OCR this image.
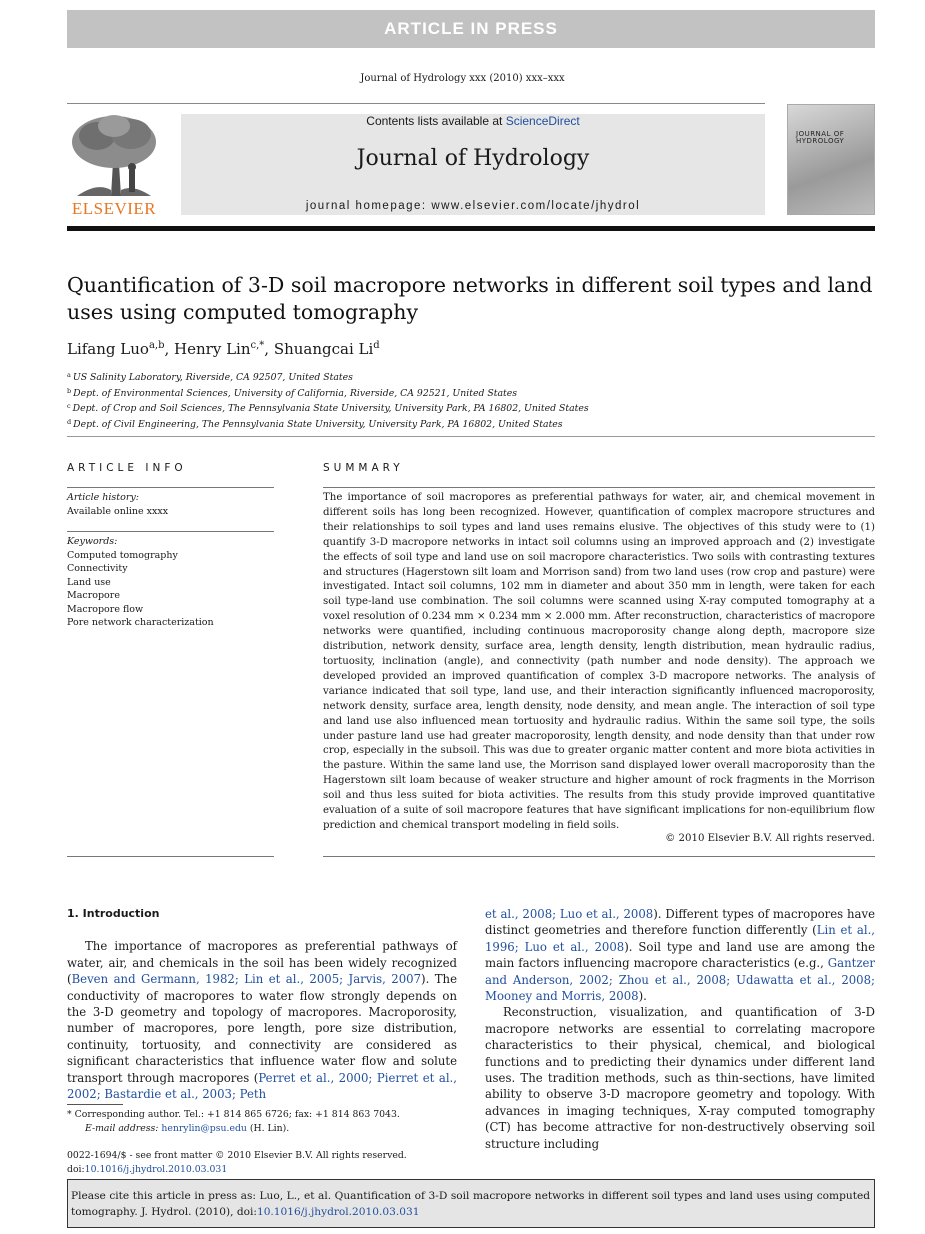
ARTICLE IN PRESS
Journal of Hydrology xxx (2010) xxx–xxx
ELSEVIER
Contents lists available at ScienceDirect
Journal of Hydrology
journal homepage: www.elsevier.com/locate/jhydrol
JOURNAL OF
HYDROLOGY
Quantification of 3-D soil macropore networks in different soil types and land uses using computed tomography
Lifang Luo$^{a,b}$, Henry Lin$^{c,*}$, Shuangcai Li$^d$
$^a$ US Salinity Laboratory, Riverside, CA 92507, United States
$^b$ Dept. of Environmental Sciences, University of California, Riverside, CA 92521, United States
$^c$ Dept. of Crop and Soil Sciences, The Pennsylvania State University, University Park, PA 16802, United States
$^d$ Dept. of Civil Engineering, The Pennsylvania State University, University Park, PA 16802, United States
ARTICLE INFO	SUMMARY
Article history:
Available online xxxx
Keywords:
Computed tomography
Connectivity
Land use
Macropore
Macropore flow
Pore network characterization
The importance of soil macropores as preferential pathways for water, air, and chemical movement in different soils has long been recognized. However, quantification of complex macropore structures and their relationships to soil types and land uses remains elusive. The objectives of this study were to (1) quantify 3-D macropore networks in intact soil columns using an improved approach and (2) investigate the effects of soil type and land use on soil macropore characteristics. Two soils with contrasting textures and structures (Hagerstown silt loam and Morrison sand) from two land uses (row crop and pasture) were investigated. Intact soil columns, 102 mm in diameter and about 350 mm in length, were taken for each soil type-land use combination. The soil columns were scanned using X-ray computed tomography at a voxel resolution of 0.234 mm × 0.234 mm × 2.000 mm. After reconstruction, characteristics of macropore networks were quantified, including continuous macroporosity change along depth, macropore size distribution, network density, surface area, length density, length distribution, mean hydraulic radius, tortuosity, inclination (angle), and connectivity (path number and node density). The approach we developed provided an improved quantification of complex 3-D macropore networks. The analysis of variance indicated that soil type, land use, and their interaction significantly influenced macroporosity, network density, surface area, length density, node density, and mean angle. The interaction of soil type and land use also influenced mean tortuosity and hydraulic radius. Within the same soil type, the soils under pasture land use had greater macroporosity, length density, and node density than that under row crop, especially in the subsoil. This was due to greater organic matter content and more biota activities in the pasture. Within the same land use, the Morrison sand displayed lower overall macroporosity than the Hagerstown silt loam because of weaker structure and higher amount of rock fragments in the Morrison soil and thus less suited for biota activities. The results from this study provide improved quantitative evaluation of a suite of soil macropore features that have significant implications for non-equilibrium flow prediction and chemical transport modeling in field soils.
© 2010 Elsevier B.V. All rights reserved.
1. Introduction

The importance of macropores as preferential pathways of water, air, and chemicals in the soil has been widely recognized (Beven and Germann, 1982; Lin et al., 2005; Jarvis, 2007). The conductivity of macropores to water flow strongly depends on the 3-D geometry and topology of macropores. Macroporosity, number of macropores, pore length, pore size distribution, continuity, tortuosity, and connectivity are considered as significant characteristics that influence water flow and solute transport through macropores (Perret et al., 2000; Pierret et al., 2002; Bastardie et al., 2003; Peth

et al., 2008; Luo et al., 2008). Different types of macropores have distinct geometries and therefore function differently (Lin et al., 1996; Luo et al., 2008). Soil type and land use are among the main factors influencing macropore characteristics (e.g., Gantzer and Anderson, 2002; Zhou et al., 2008; Udawatta et al., 2008; Mooney and Morris, 2008).

Reconstruction, visualization, and quantification of 3-D macropore networks are essential to correlating macropore characteristics to their physical, chemical, and biological functions and to predicting their dynamics under different land uses. The tradition methods, such as thin-sections, have limited ability to observe 3-D macropore geometry and topology. With advances in imaging techniques, X-ray computed tomography (CT) has become attractive for non-destructively observing soil structure including

* Corresponding author. Tel.: +1 814 865 6726; fax: +1 814 863 7043.
E-mail address: henrylin@psu.edu (H. Lin).
0022-1694/$ - see front matter © 2010 Elsevier B.V. All rights reserved.
doi:10.1016/j.jhydrol.2010.03.031
Please cite this article in press as: Luo, L., et al. Quantification of 3-D soil macropore networks in different soil types and land uses using computed tomography. J. Hydrol. (2010), doi:10.1016/j.jhydrol.2010.03.031
